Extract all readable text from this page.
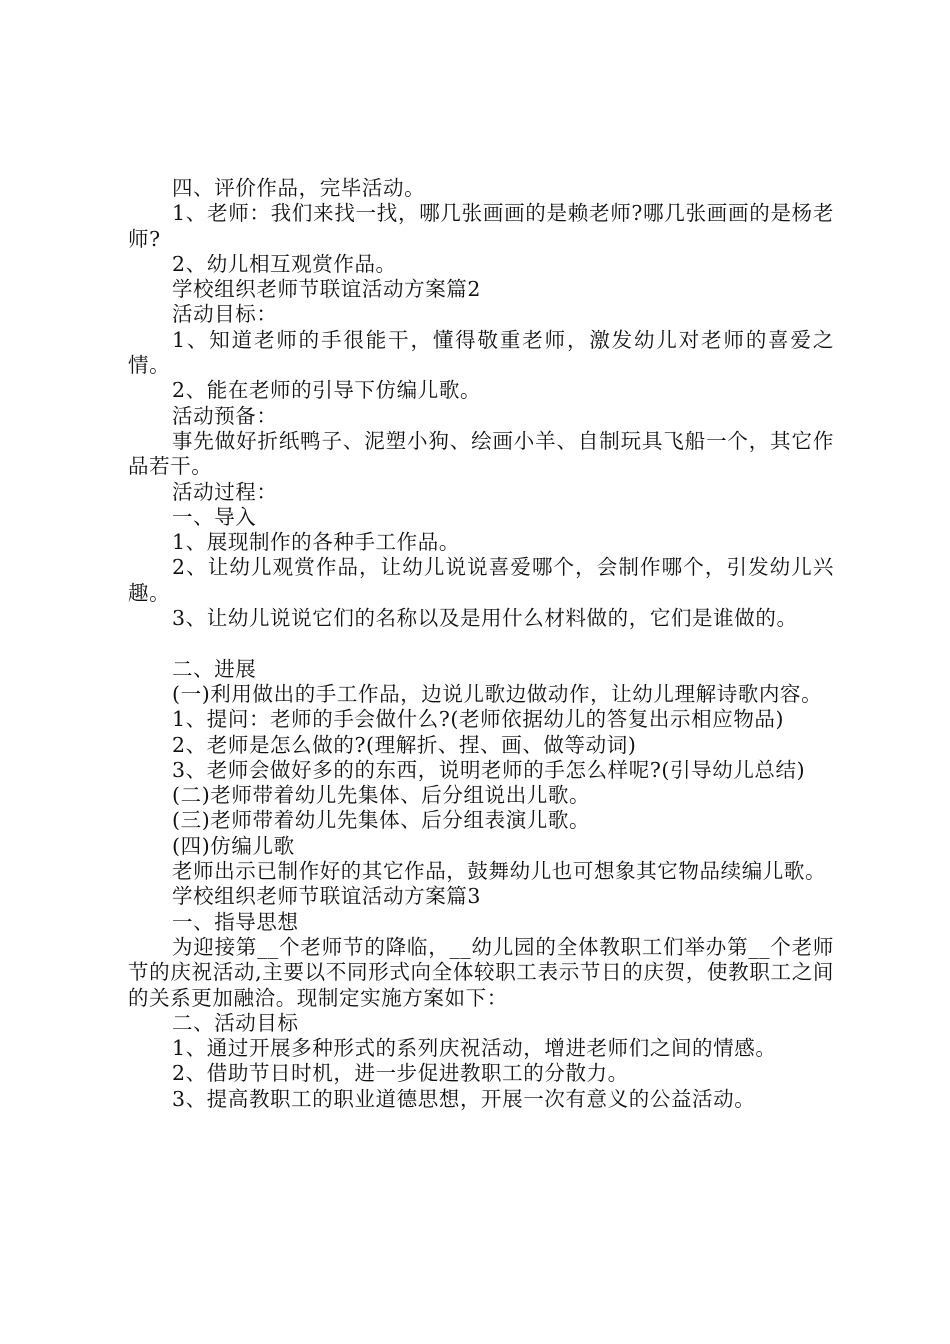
四、评价作品，完毕活动。

1、老师：我们来找一找，哪几张画画的是赖老师?哪几张画画的是杨老师?

2、幼儿相互观赏作品。

学校组织老师节联谊活动方案篇2

活动目标：

1、知道老师的手很能干，懂得敬重老师，激发幼儿对老师的喜爱之情。

2、能在老师的引导下仿编儿歌。

活动预备：

事先做好折纸鸭子、泥塑小狗、绘画小羊、自制玩具飞船一个，其它作品若干。

活动过程：

一、导入

1、展现制作的各种手工作品。

2、让幼儿观赏作品，让幼儿说说喜爱哪个，会制作哪个，引发幼儿兴趣。

3、让幼儿说说它们的名称以及是用什么材料做的，它们是谁做的。

二、进展

(一)利用做出的手工作品，边说儿歌边做动作，让幼儿理解诗歌内容。

1、提问：老师的手会做什么?(老师依据幼儿的答复出示相应物品)

2、老师是怎么做的?(理解折、捏、画、做等动词)

3、老师会做好多的的东西，说明老师的手怎么样呢?(引导幼儿总结)

(二)老师带着幼儿先集体、后分组说出儿歌。

(三)老师带着幼儿先集体、后分组表演儿歌。

(四)仿编儿歌

老师出示已制作好的其它作品，鼓舞幼儿也可想象其它物品续编儿歌。

学校组织老师节联谊活动方案篇3

一、指导思想

为迎接第__个老师节的降临，__幼儿园的全体教职工们举办第__个老师节的庆祝活动,主要以不同形式向全体较职工表示节日的庆贺，使教职工之间的关系更加融洽。现制定实施方案如下：

二、活动目标

1、通过开展多种形式的系列庆祝活动，增进老师们之间的情感。

2、借助节日时机，进一步促进教职工的分散力。

3、提高教职工的职业道德思想，开展一次有意义的公益活动。
